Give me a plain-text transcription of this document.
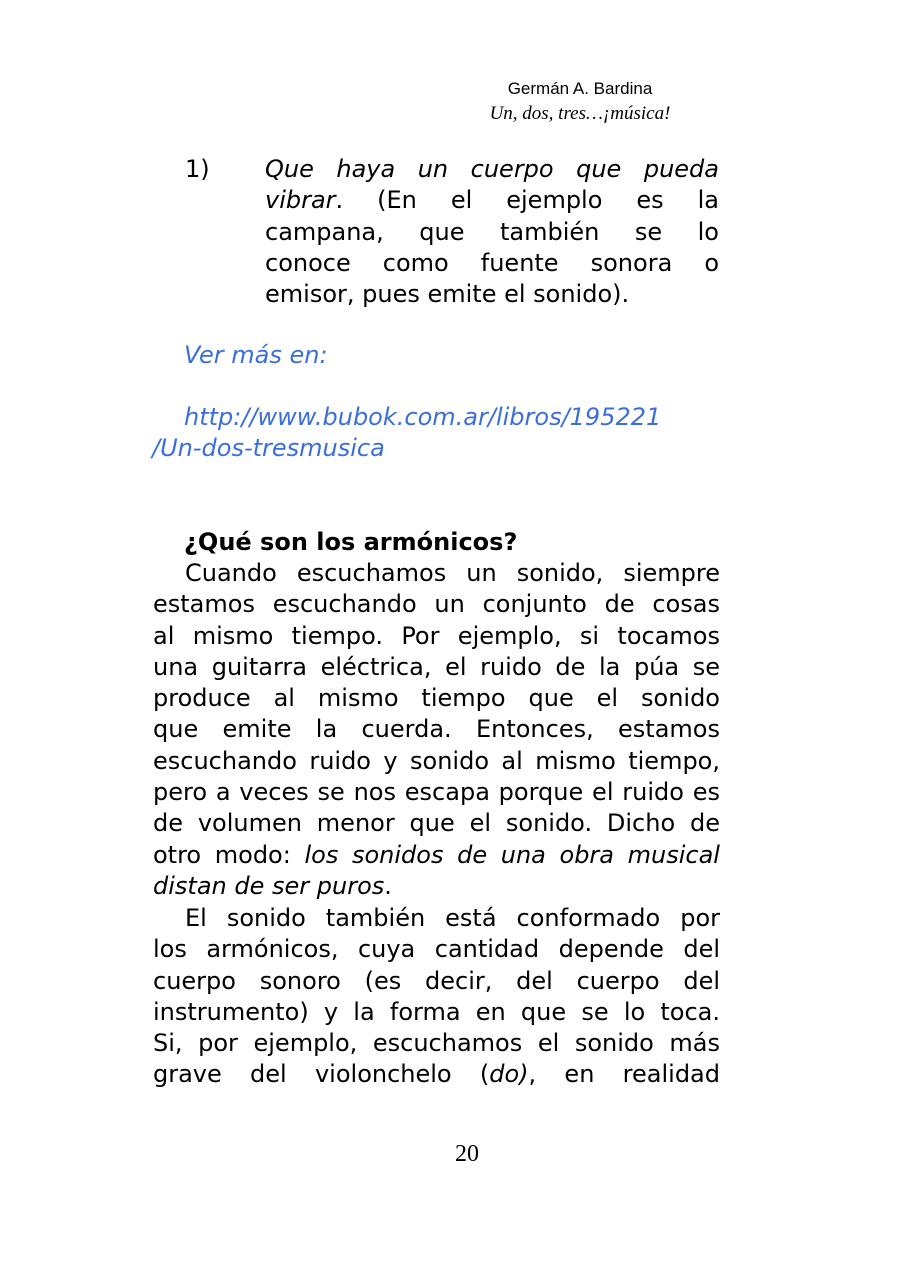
Germán A. Bardina
Un, dos, tres…¡música!
1) Que haya un cuerpo que pueda
vibrar. (En el ejemplo es la
campana, que también se lo
conoce como fuente sonora o
emisor, pues emite el sonido).
Ver más en:
http://www.bubok.com.ar/libros/195221
/Un-dos-tresmusica
¿Qué son los armónicos?
Cuando escuchamos un sonido, siempre
estamos escuchando un conjunto de cosas
al mismo tiempo. Por ejemplo, si tocamos
una guitarra eléctrica, el ruido de la púa se
produce al mismo tiempo que el sonido
que emite la cuerda. Entonces, estamos
escuchando ruido y sonido al mismo tiempo,
pero a veces se nos escapa porque el ruido es
de volumen menor que el sonido. Dicho de
otro modo: los sonidos de una obra musical
distan de ser puros.
El sonido también está conformado por
los armónicos, cuya cantidad depende del
cuerpo sonoro (es decir, del cuerpo del
instrumento) y la forma en que se lo toca.
Si, por ejemplo, escuchamos el sonido más
grave del violonchelo (do), en realidad
20
